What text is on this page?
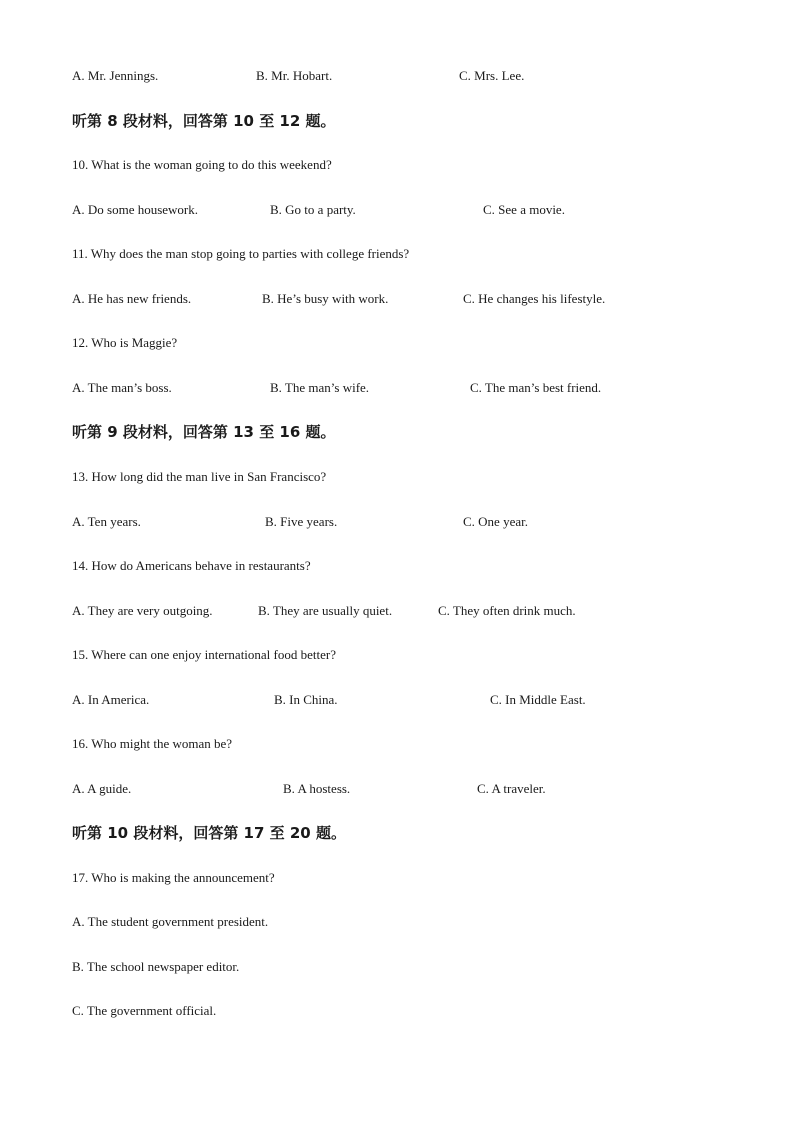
A. Mr. Jennings.	B. Mr. Hobart.	C. Mrs. Lee.
听第 8 段材料，回答第 10 至 12 题。
10. What is the woman going to do this weekend?
A. Do some housework.	B. Go to a party.	C. See a movie.
11. Why does the man stop going to parties with college friends?
A. He has new friends.	B. He’s busy with work.	C. He changes his lifestyle.
12. Who is Maggie?
A. The man’s boss.	B. The man’s wife.	C. The man’s best friend.
听第 9 段材料，回答第 13 至 16 题。
13. How long did the man live in San Francisco?
A. Ten years.	B. Five years.	C. One year.
14. How do Americans behave in restaurants?
A. They are very outgoing.	B. They are usually quiet.	C. They often drink much.
15. Where can one enjoy international food better?
A. In America.	B. In China.	C. In Middle East.
16. Who might the woman be?
A. A guide.	B. A hostess.	C. A traveler.
听第 10 段材料，回答第 17 至 20 题。
17. Who is making the announcement?
A. The student government president.
B. The school newspaper editor.
C. The government official.
